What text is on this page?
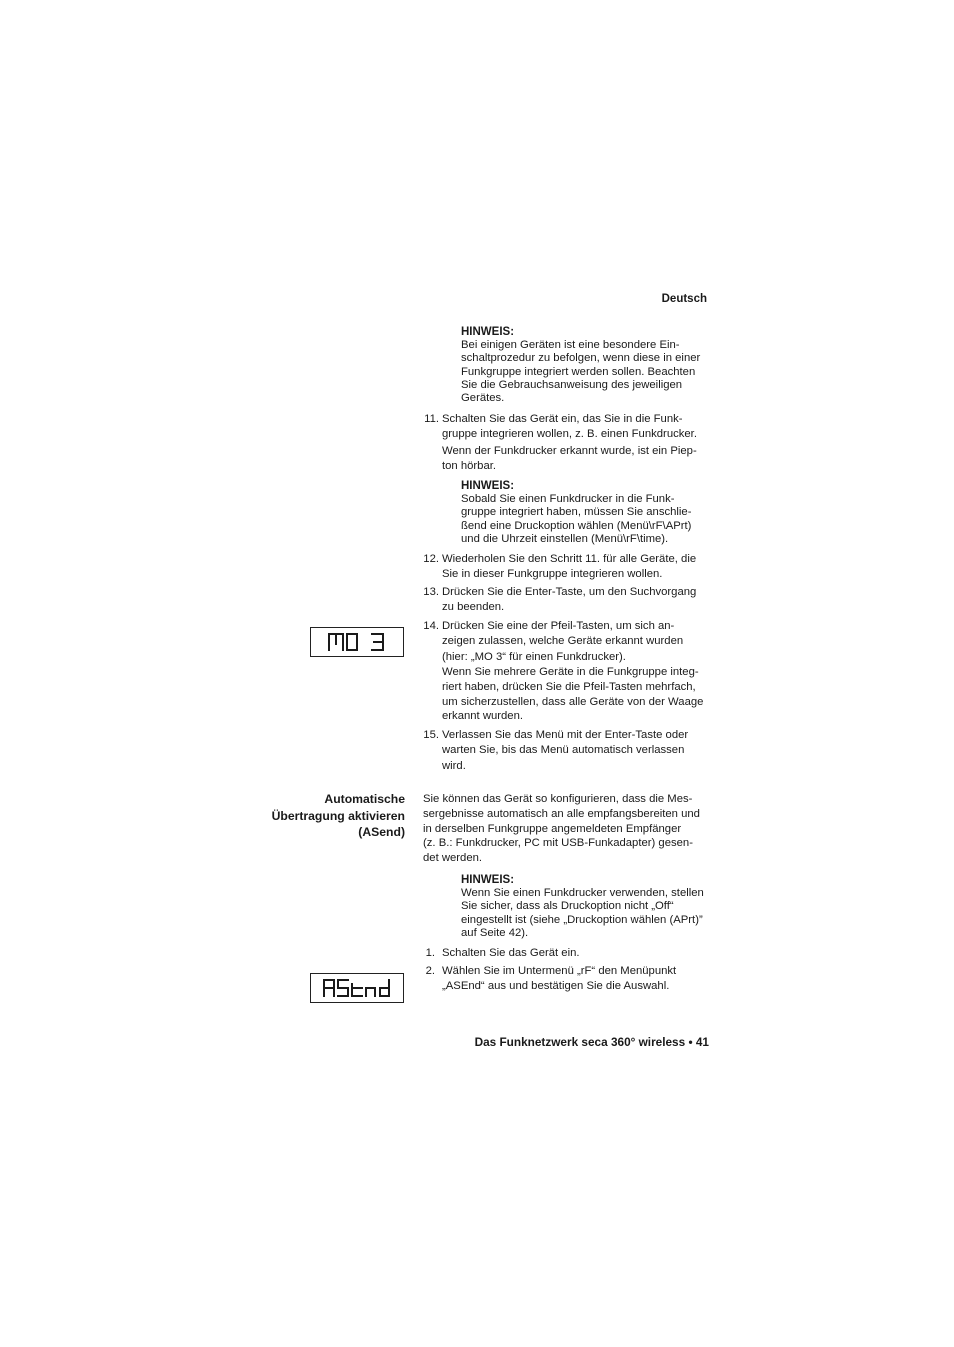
Deutsch
HINWEIS:
Bei einigen Geräten ist eine besondere Ein-
schaltprozedur zu befolgen, wenn diese in einer
Funkgruppe integriert werden sollen. Beachten
Sie die Gebrauchsanweisung des jeweiligen
Gerätes.
11. Schalten Sie das Gerät ein, das Sie in die Funk-
gruppe integrieren wollen, z. B. einen Funkdrucker.
Wenn der Funkdrucker erkannt wurde, ist ein Piep-
ton hörbar.
HINWEIS:
Sobald Sie einen Funkdrucker in die Funk-
gruppe integriert haben, müssen Sie anschlie-
ßend eine Druckoption wählen (Menü\rF\APrt)
und die Uhrzeit einstellen (Menü\rF\time).
12. Wiederholen Sie den Schritt 11. für alle Geräte, die
Sie in dieser Funkgruppe integrieren wollen.
13. Drücken Sie die Enter-Taste, um den Suchvorgang
zu beenden.
14. Drücken Sie eine der Pfeil-Tasten, um sich an-
zeigen zulassen, welche Geräte erkannt wurden
(hier: „MO 3“ für einen Funkdrucker).
Wenn Sie mehrere Geräte in die Funkgruppe integ-
riert haben, drücken Sie die Pfeil-Tasten mehrfach,
um sicherzustellen, dass alle Geräte von der Waage
erkannt wurden.
15. Verlassen Sie das Menü mit der Enter-Taste oder
warten Sie, bis das Menü automatisch verlassen
wird.
Automatische
Übertragung aktivieren
(ASend)
Sie können das Gerät so konfigurieren, dass die Mes-
sergebnisse automatisch an alle empfangsbereiten und
in derselben Funkgruppe angemeldeten Empfänger
(z. B.: Funkdrucker, PC mit USB-Funkadapter) gesen-
det werden.
HINWEIS:
Wenn Sie einen Funkdrucker verwenden, stellen
Sie sicher, dass als Druckoption nicht „Off“
eingestellt ist (siehe „Druckoption wählen (APrt)”
auf Seite 42).
1. Schalten Sie das Gerät ein.
2. Wählen Sie im Untermenü „rF“ den Menüpunkt
„ASEnd“ aus und bestätigen Sie die Auswahl.
Das Funknetzwerk seca 360° wireless • 41
